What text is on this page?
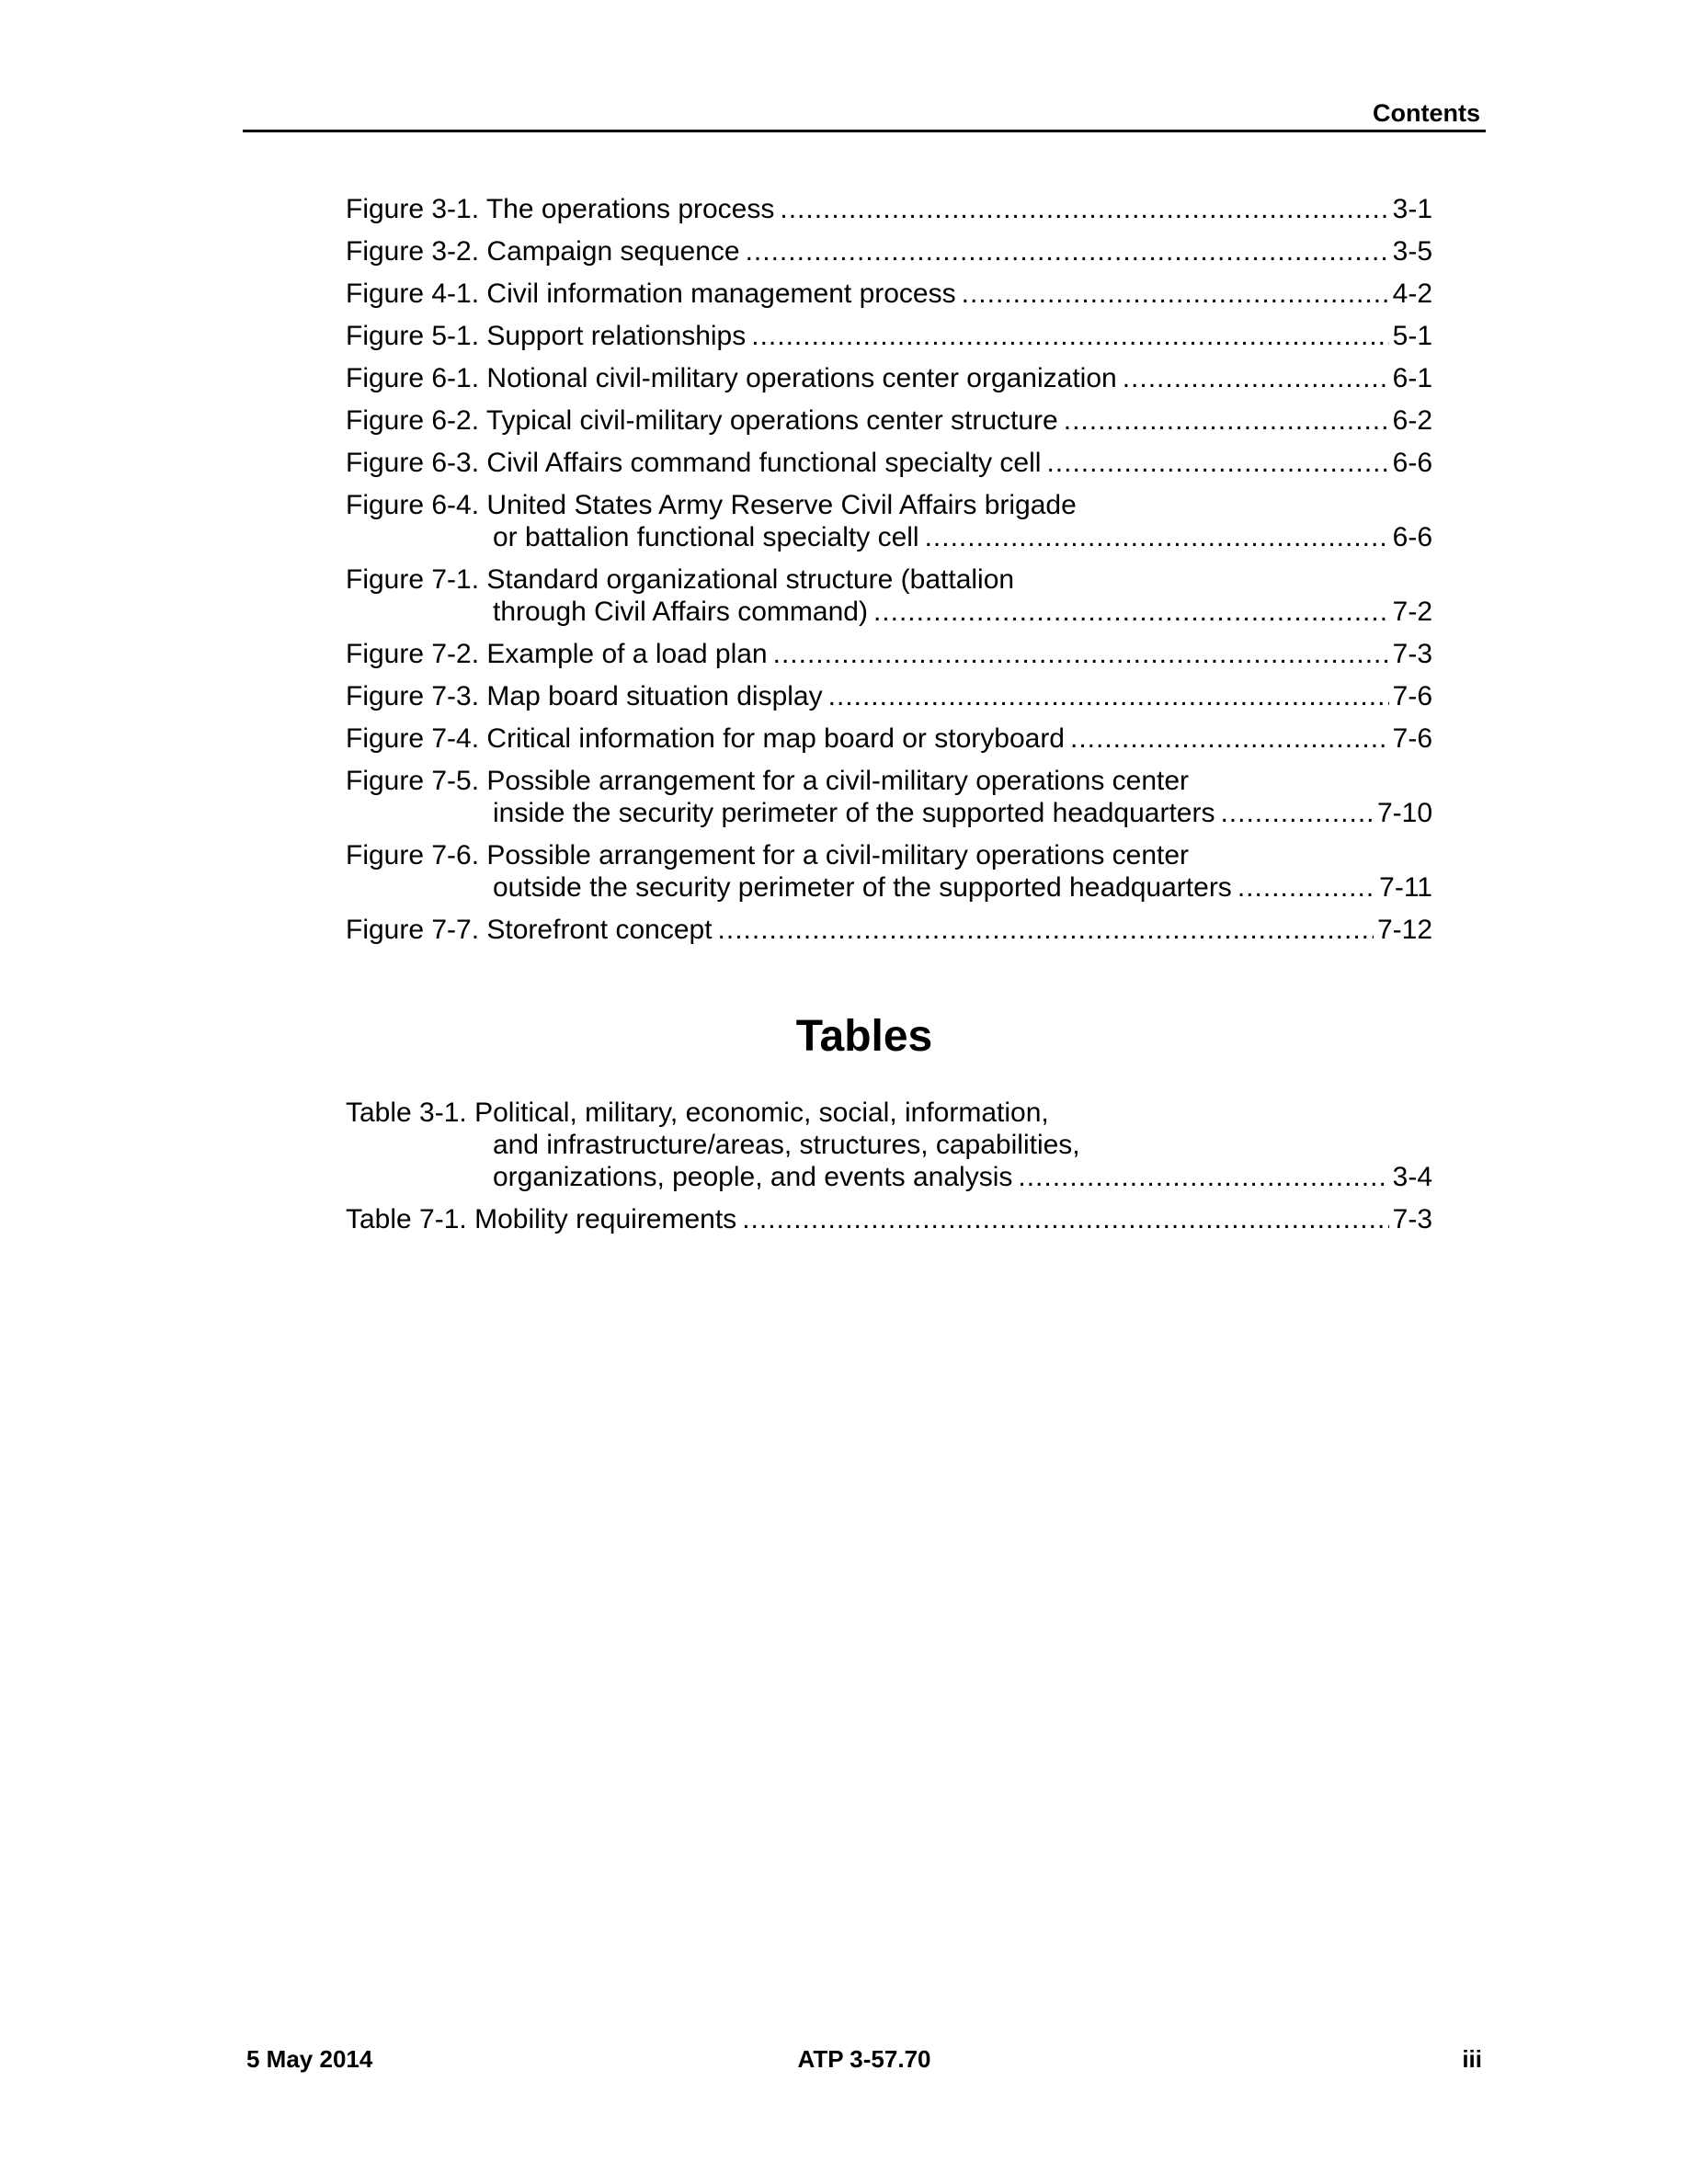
Contents
Figure 3-1. The operations process .....	3-1
Figure 3-2. Campaign sequence .....	3-5
Figure 4-1. Civil information management process .....	4-2
Figure 5-1. Support relationships .....	5-1
Figure 6-1. Notional civil-military operations center organization .....	6-1
Figure 6-2. Typical civil-military operations center structure .....	6-2
Figure 6-3. Civil Affairs command functional specialty cell .....	6-6
Figure 6-4. United States Army Reserve Civil Affairs brigade
or battalion functional specialty cell .....	6-6
Figure 7-1. Standard organizational structure (battalion
through Civil Affairs command) .....	7-2
Figure 7-2. Example of a load plan .....	7-3
Figure 7-3. Map board situation display .....	7-6
Figure 7-4. Critical information for map board or storyboard .....	7-6
Figure 7-5. Possible arrangement for a civil-military operations center
inside the security perimeter of the supported headquarters .....	7-10
Figure 7-6. Possible arrangement for a civil-military operations center
outside the security perimeter of the supported headquarters .....	7-11
Figure 7-7. Storefront concept .....	7-12
Tables
Table 3-1. Political, military, economic, social, information,
and infrastructure/areas, structures, capabilities,
organizations, people, and events analysis .....	3-4
Table 7-1. Mobility requirements .....	7-3
5 May 2014	ATP 3-57.70	iii
